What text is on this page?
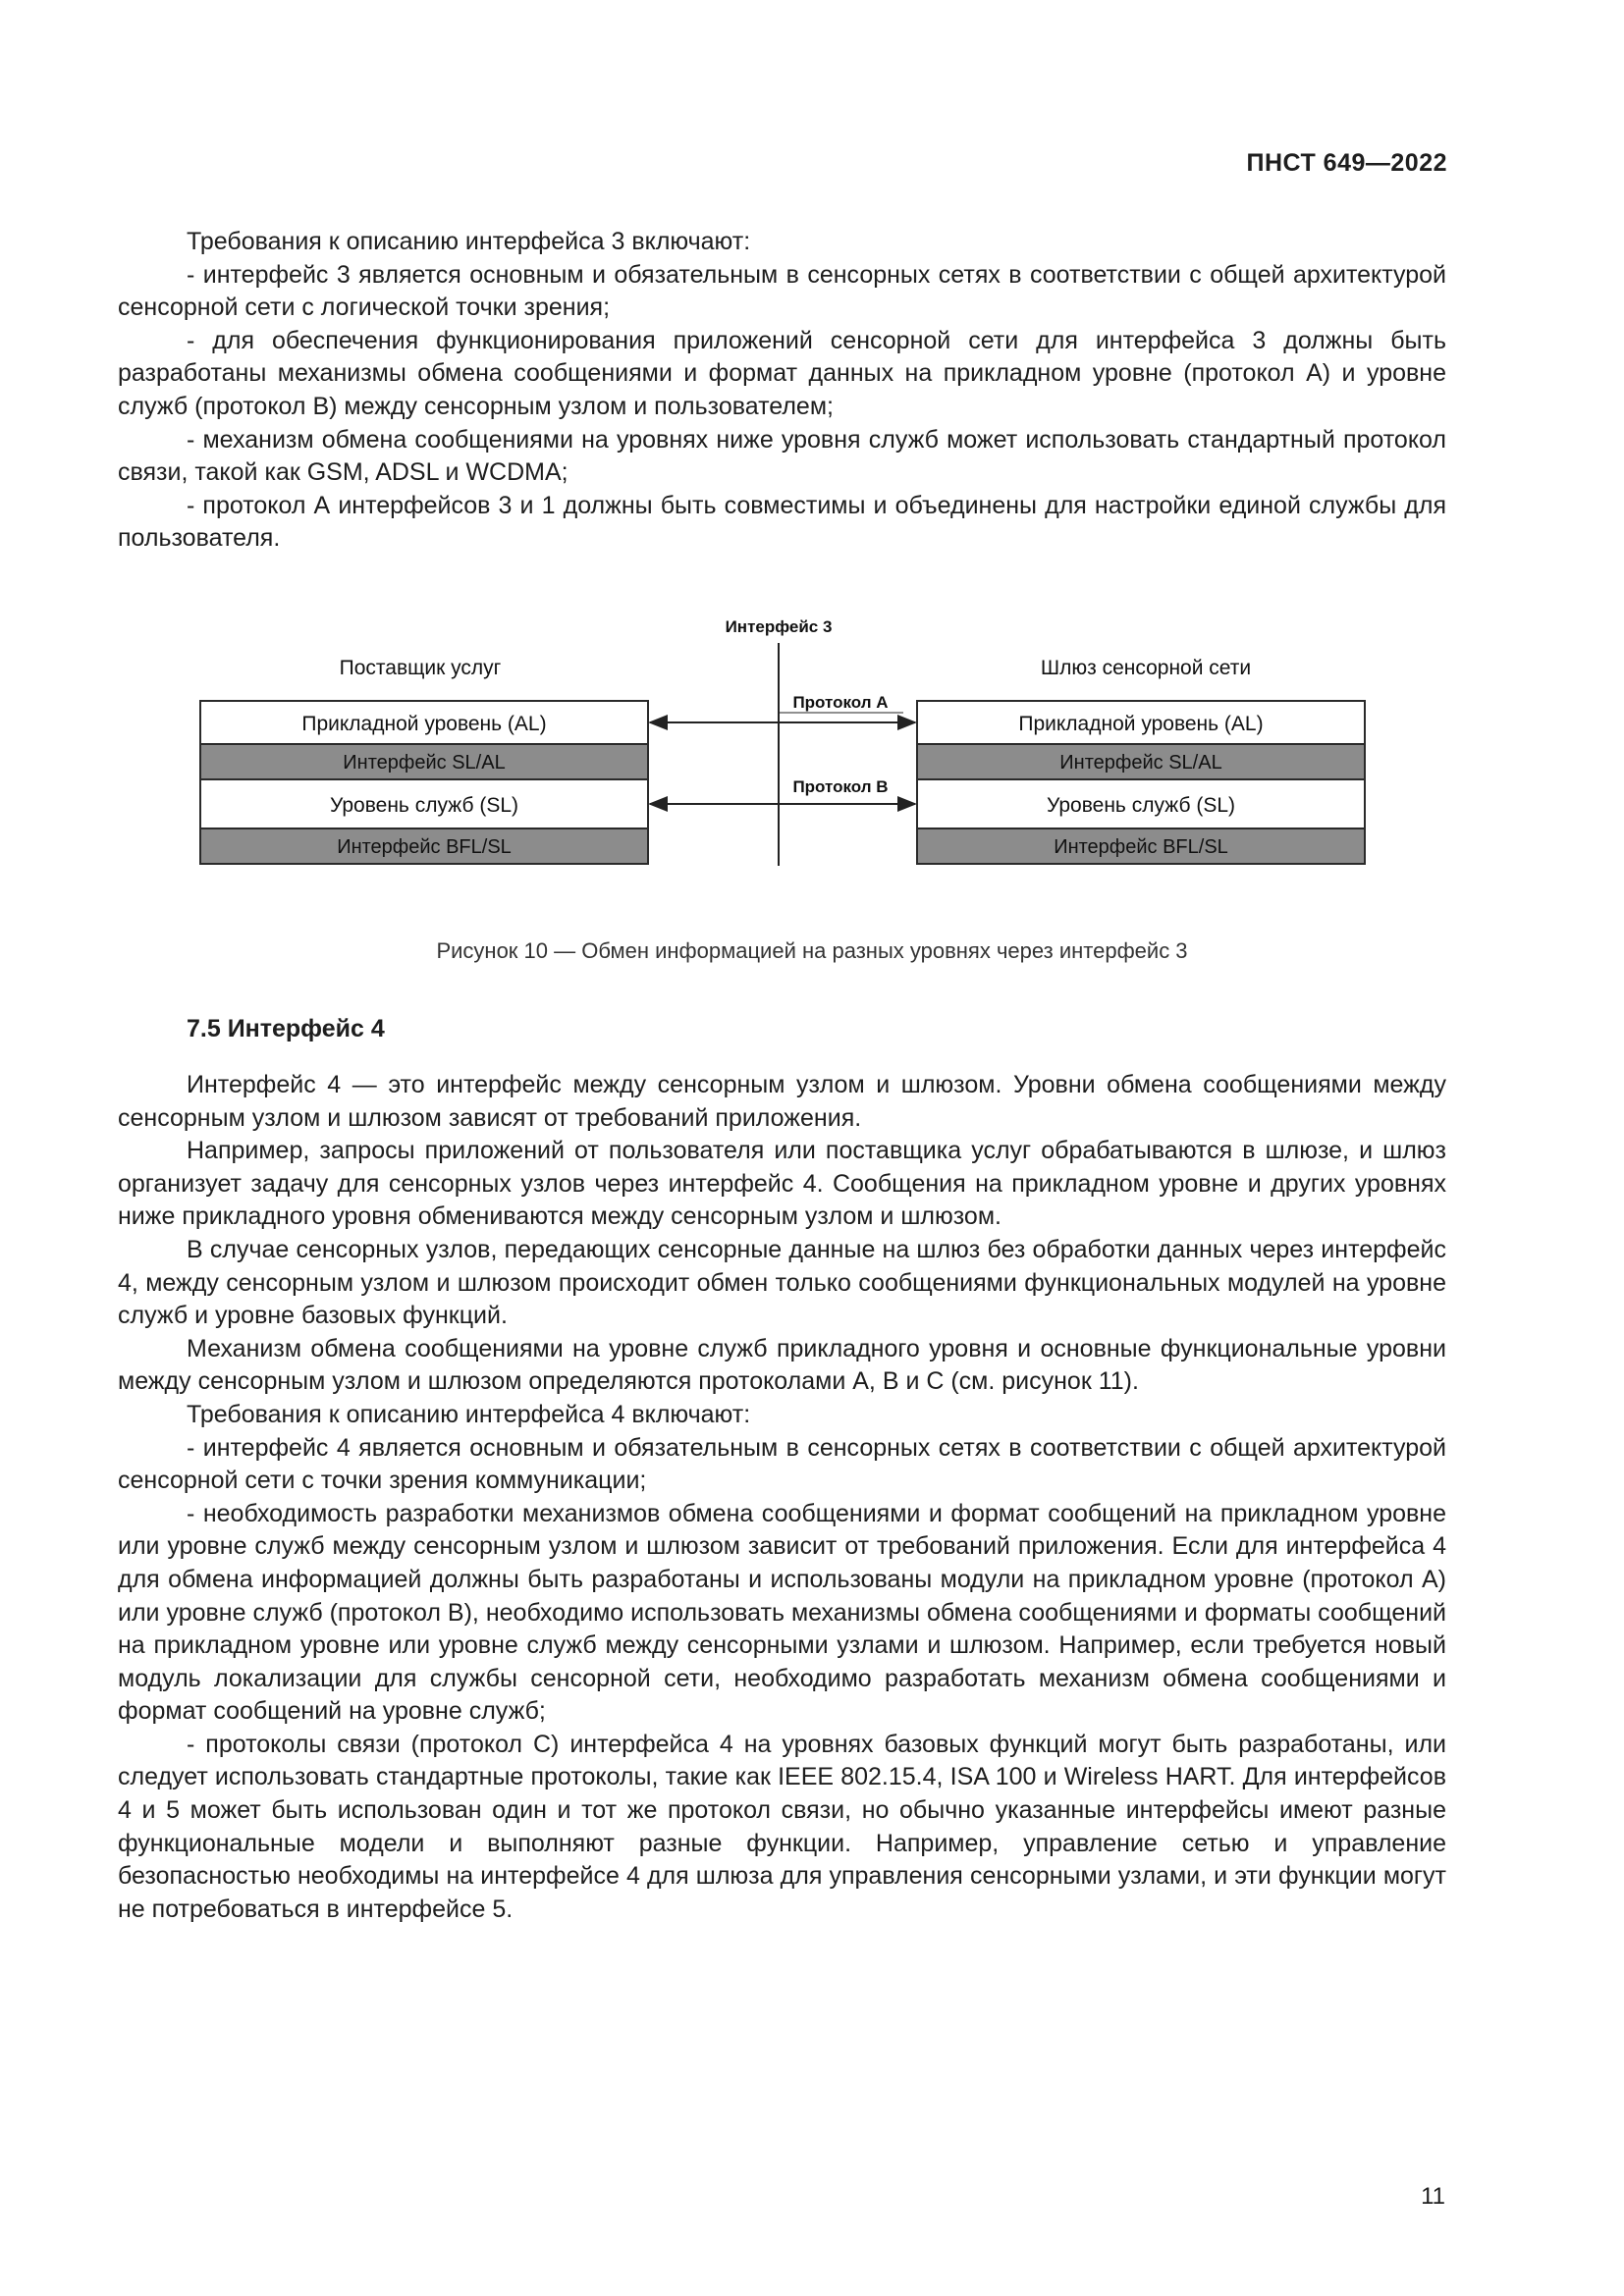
ПНСТ 649—2022

Требования к описанию интерфейса 3 включают:

- интерфейс 3 является основным и обязательным в сенсорных сетях в соответствии с общей архитектурой сенсорной сети с логической точки зрения;

- для обеспечения функционирования приложений сенсорной сети для интерфейса 3 должны быть разработаны механизмы обмена сообщениями и формат данных на прикладном уровне (протокол А) и уровне служб (протокол В) между сенсорным узлом и пользователем;

- механизм обмена сообщениями на уровнях ниже уровня служб может использовать стандартный протокол связи, такой как GSM, ADSL и WCDMA;

- протокол А интерфейсов 3 и 1 должны быть совместимы и объединены для настройки единой службы для пользователя.

Интерфейс 3
Поставщик услуг	Шлюз сенсорной сети
Прикладной уровень (AL)
Интерфейс SL/AL
Уровень служб (SL)
Интерфейс BFL/SL
Прикладной уровень (AL)
Интерфейс SL/AL
Уровень служб (SL)
Интерфейс BFL/SL
Протокол А
Протокол В
Рисунок 10 — Обмен информацией на разных уровнях через интерфейс 3
7.5 Интерфейс 4

Интерфейс 4 — это интерфейс между сенсорным узлом и шлюзом. Уровни обмена сообщениями между сенсорным узлом и шлюзом зависят от требований приложения.

Например, запросы приложений от пользователя или поставщика услуг обрабатываются в шлюзе, и шлюз организует задачу для сенсорных узлов через интерфейс 4. Сообщения на прикладном уровне и других уровнях ниже прикладного уровня обмениваются между сенсорным узлом и шлюзом.

В случае сенсорных узлов, передающих сенсорные данные на шлюз без обработки данных через интерфейс 4, между сенсорным узлом и шлюзом происходит обмен только сообщениями функциональных модулей на уровне служб и уровне базовых функций.

Механизм обмена сообщениями на уровне служб прикладного уровня и основные функциональные уровни между сенсорным узлом и шлюзом определяются протоколами А, В и С (см. рисунок 11).

Требования к описанию интерфейса 4 включают:

- интерфейс 4 является основным и обязательным в сенсорных сетях в соответствии с общей архитектурой сенсорной сети с точки зрения коммуникации;

- необходимость разработки механизмов обмена сообщениями и формат сообщений на прикладном уровне или уровне служб между сенсорным узлом и шлюзом зависит от требований приложения. Если для интерфейса 4 для обмена информацией должны быть разработаны и использованы модули на прикладном уровне (протокол А) или уровне служб (протокол В), необходимо использовать механизмы обмена сообщениями и форматы сообщений на прикладном уровне или уровне служб между сенсорными узлами и шлюзом. Например, если требуется новый модуль локализации для службы сенсорной сети, необходимо разработать механизм обмена сообщениями и формат сообщений на уровне служб;

- протоколы связи (протокол С) интерфейса 4 на уровнях базовых функций могут быть разработаны, или следует использовать стандартные протоколы, такие как IEEE 802.15.4, ISA 100 и Wireless HART. Для интерфейсов 4 и 5 может быть использован один и тот же протокол связи, но обычно указанные интерфейсы имеют разные функциональные модели и выполняют разные функции. Например, управление сетью и управление безопасностью необходимы на интерфейсе 4 для шлюза для управления сенсорными узлами, и эти функции могут не потребоваться в интерфейсе 5.

11
